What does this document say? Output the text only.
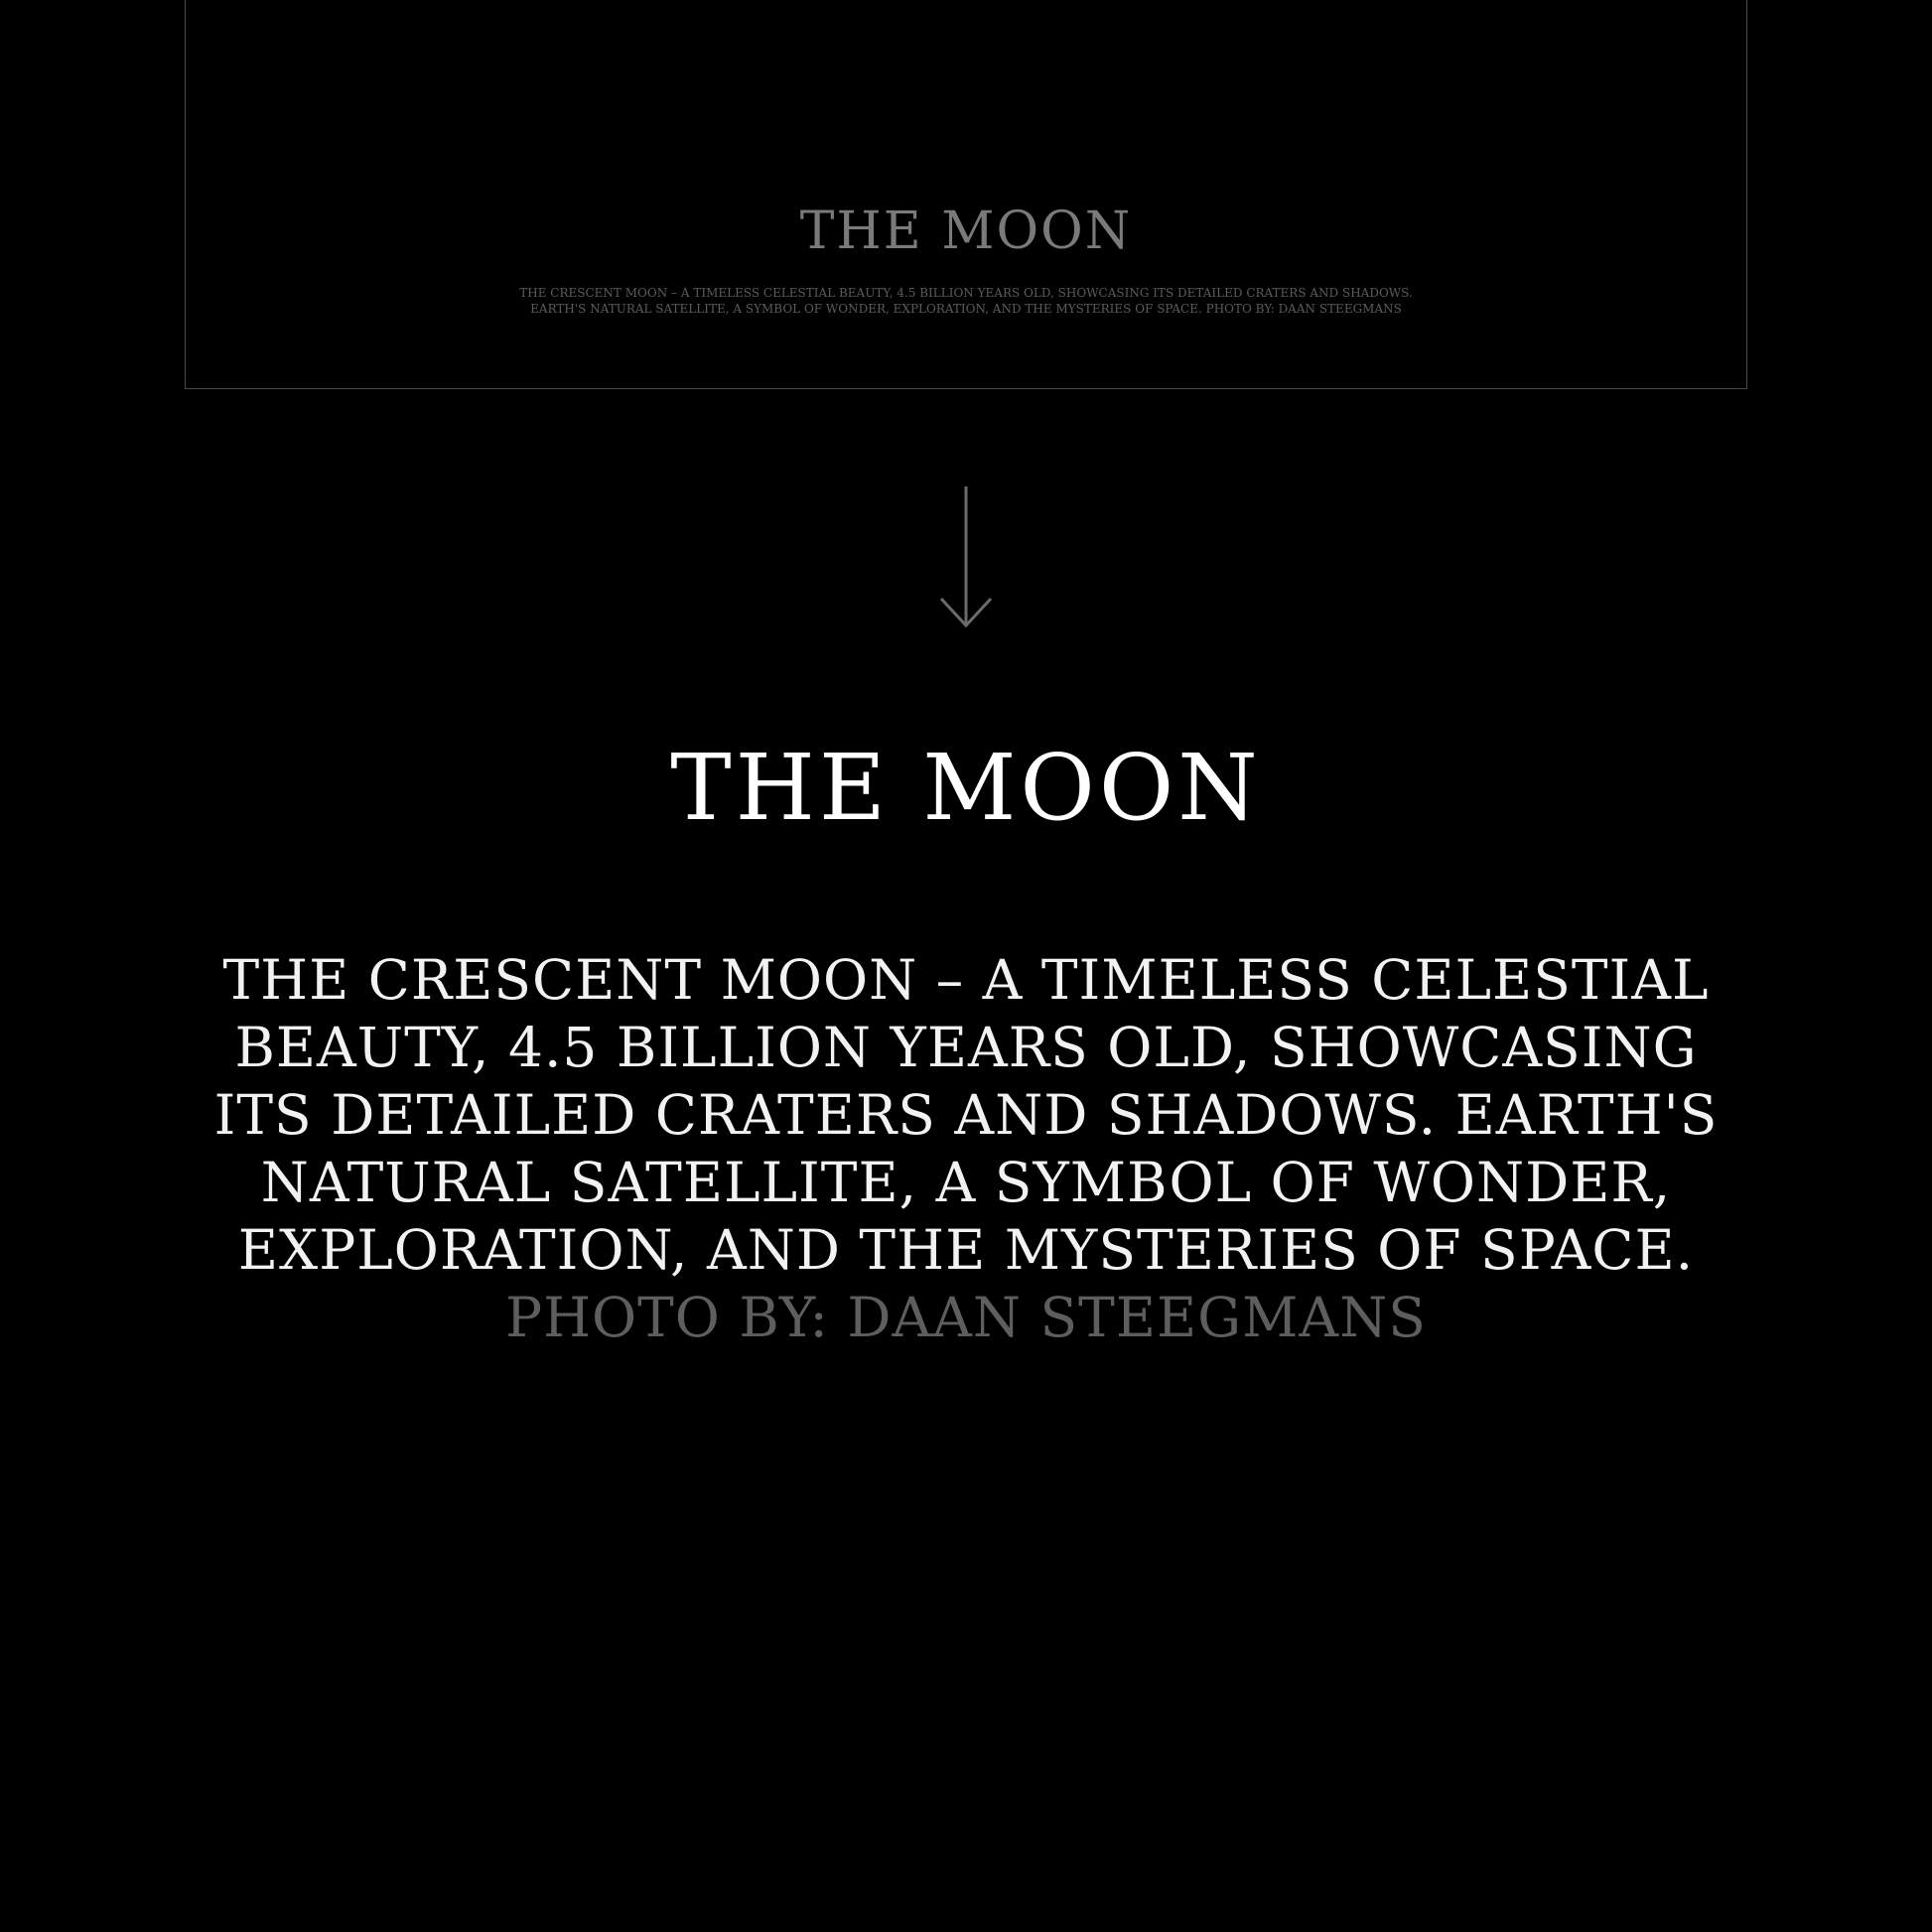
THE MOON
THE CRESCENT MOON – A TIMELESS CELESTIAL BEAUTY, 4.5 BILLION YEARS OLD, SHOWCASING ITS DETAILED CRATERS AND SHADOWS.
EARTH'S NATURAL SATELLITE, A SYMBOL OF WONDER, EXPLORATION, AND THE MYSTERIES OF SPACE. PHOTO BY: DAAN STEEGMANS
THE MOON
THE CRESCENT MOON – A TIMELESS CELESTIAL
BEAUTY, 4.5 BILLION YEARS OLD, SHOWCASING
ITS DETAILED CRATERS AND SHADOWS. EARTH'S
NATURAL SATELLITE, A SYMBOL OF WONDER,
EXPLORATION, AND THE MYSTERIES OF SPACE.
PHOTO BY: DAAN STEEGMANS
